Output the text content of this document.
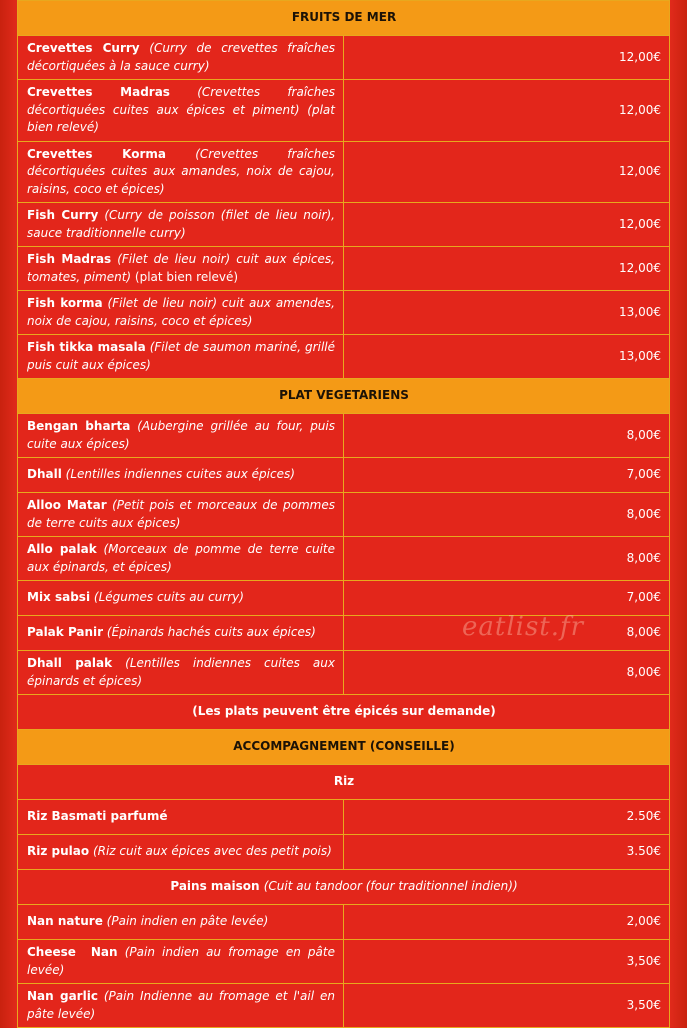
FRUITS DE MER	
Crevettes Curry (Curry de crevettes fraîches décortiquées à la sauce curry)	12,00€
Crevettes Madras (Crevettes fraîches décortiquées cuites aux épices et piment) (plat bien relevé)	12,00€
Crevettes Korma (Crevettes fraîches décortiquées cuites aux amandes, noix de cajou, raisins, coco et épices)	12,00€
Fish Curry (Curry de poisson (filet de lieu noir), sauce traditionnelle curry)	12,00€
Fish Madras (Filet de lieu noir) cuit aux épices, tomates, piment) (plat bien relevé)	12,00€
Fish korma (Filet de lieu noir) cuit aux amendes, noix de cajou, raisins, coco et épices)	13,00€
Fish tikka masala (Filet de saumon mariné, grillé puis cuit aux épices)	13,00€
PLAT VEGETARIENS	
Bengan bharta (Aubergine grillée au four, puis cuite aux épices)	8,00€
Dhall (Lentilles indiennes cuites aux épices)	7,00€
Alloo Matar (Petit pois et morceaux de pommes de terre cuits aux épices)	8,00€
Allo palak (Morceaux de pomme de terre cuite aux épinards, et épices)	8,00€
Mix sabsi (Légumes cuits au curry)	7,00€
Palak Panir (Épinards hachés cuits aux épices)	8,00€
Dhall palak (Lentilles indiennes cuites aux épinards et épices)	8,00€
(Les plats peuvent être épicés sur demande)	
ACCOMPAGNEMENT (CONSEILLE)	
Riz	
Riz Basmati parfumé	2.50€
Riz pulao (Riz cuit aux épices avec des petit pois)	3.50€
Pains maison (Cuit au tandoor (four traditionnel indien))	
Nan nature (Pain indien en pâte levée)	2,00€
Cheese  Nan (Pain indien au fromage en pâte levée)	3,50€
Nan garlic (Pain Indienne au fromage et l'ail en pâte levée)	3,50€
eatlist.fr
